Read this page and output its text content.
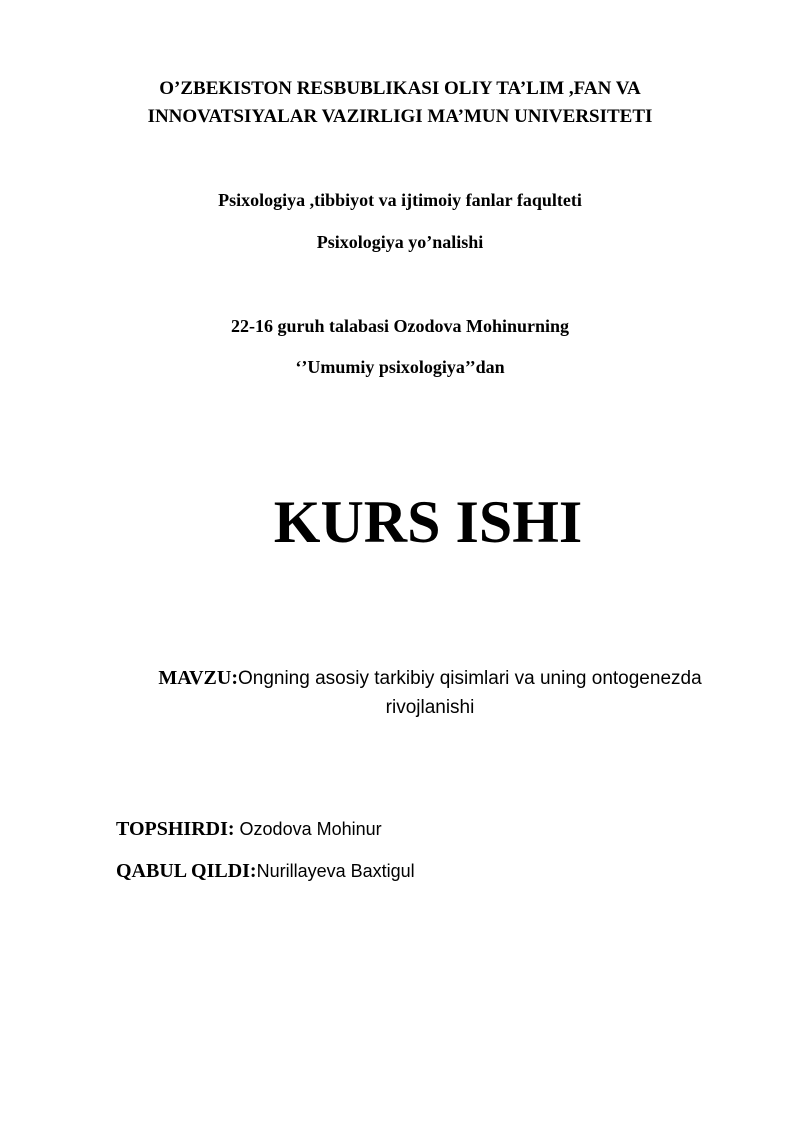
O’ZBEKISTON RESBUBLIKASI OLIY TA’LIM ,FAN VA
INNOVATSIYALAR VAZIRLIGI MA’MUN UNIVERSITETI
Psixologiya ,tibbiyot va ijtimoiy fanlar faqulteti
Psixologiya yo’nalishi
22-16 guruh talabasi Ozodova Mohinurning
‘’Umumiy psixologiya’’dan
KURS ISHI
MAVZU:Ongning asosiy tarkibiy qisimlari va uning ontogenezda rivojlanishi
TOPSHIRDI: Ozodova Mohinur
QABUL QILDI:Nurillayeva Baxtigul
